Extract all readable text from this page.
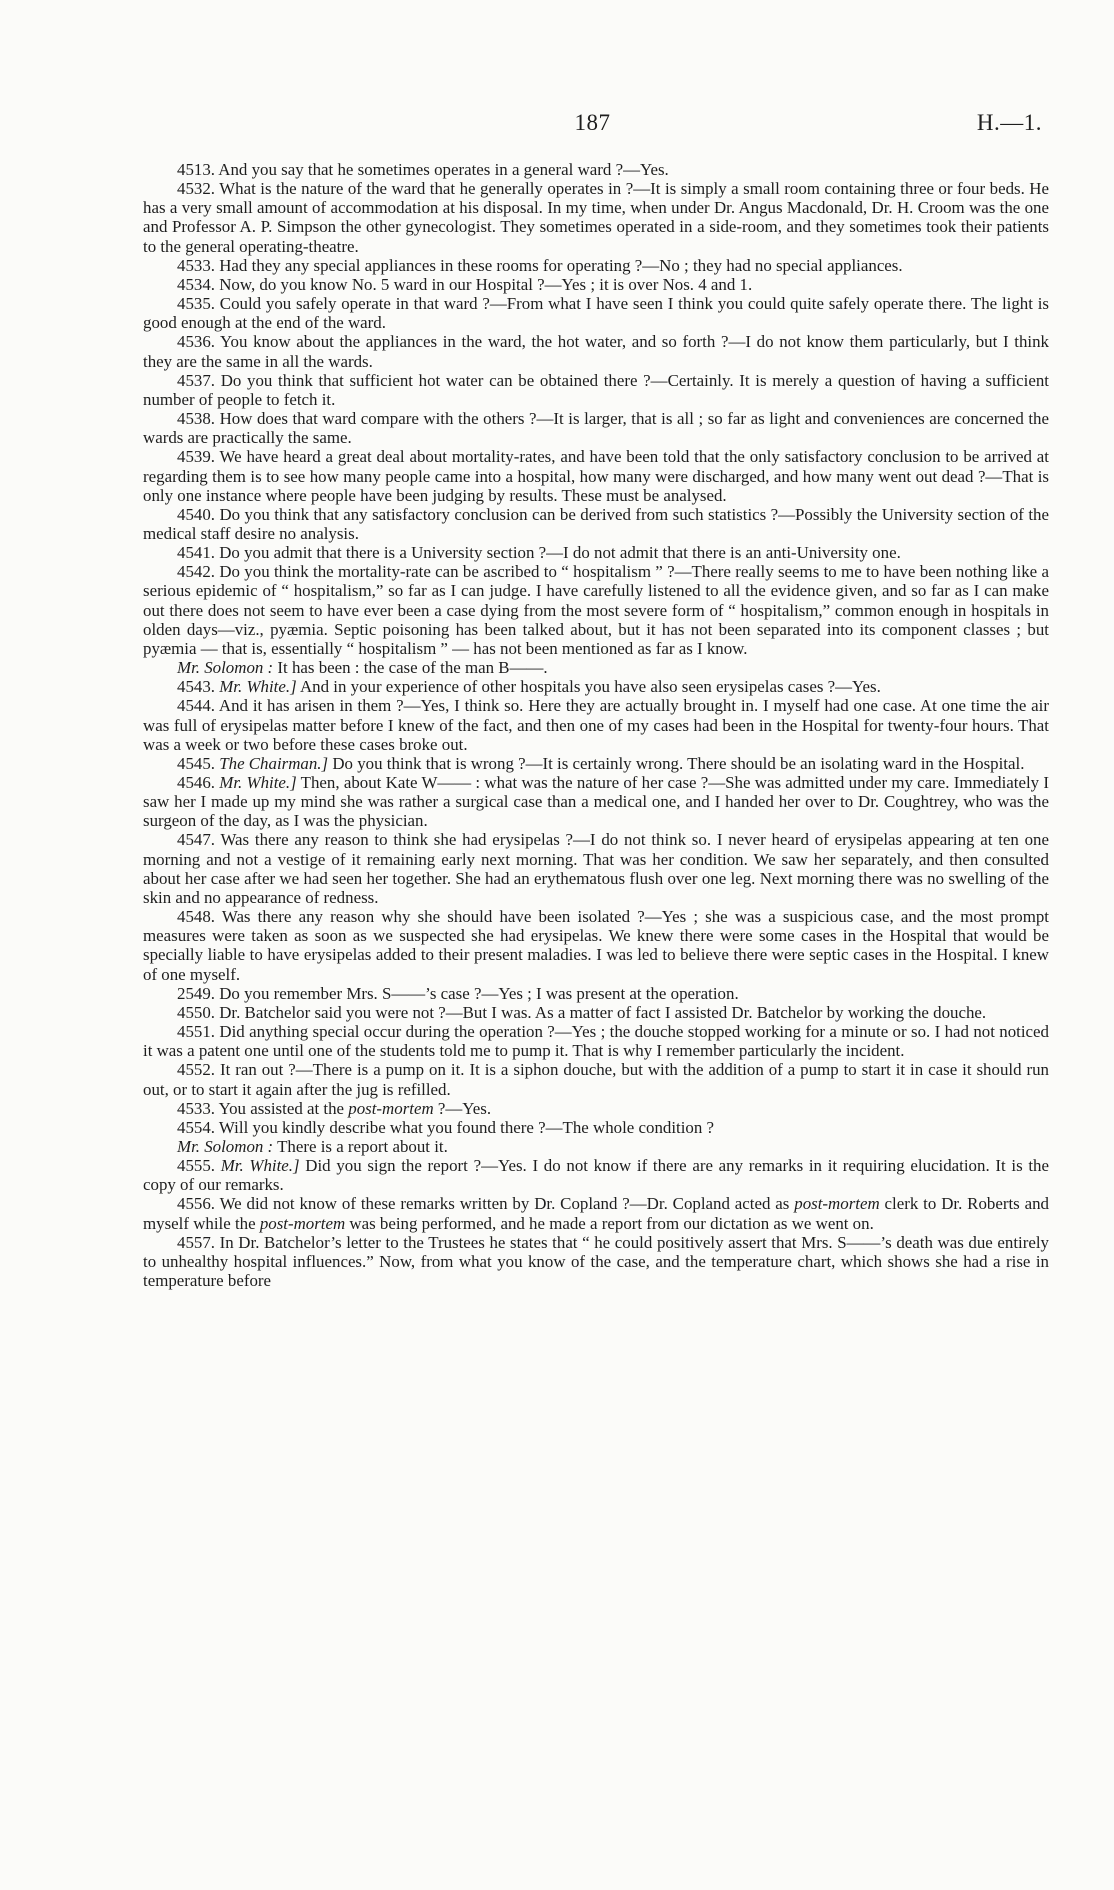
187	H.—1.

4513. And you say that he sometimes operates in a general ward ?—Yes.

4532. What is the nature of the ward that he generally operates in ?—It is simply a small room containing three or four beds. He has a very small amount of accommodation at his disposal. In my time, when under Dr. Angus Macdonald, Dr. H. Croom was the one and Professor A. P. Simpson the other gynecologist. They sometimes operated in a side-room, and they sometimes took their patients to the general operating-theatre.

4533. Had they any special appliances in these rooms for operating ?—No ; they had no special appliances.

4534. Now, do you know No. 5 ward in our Hospital ?—Yes ; it is over Nos. 4 and 1.

4535. Could you safely operate in that ward ?—From what I have seen I think you could quite safely operate there. The light is good enough at the end of the ward.

4536. You know about the appliances in the ward, the hot water, and so forth ?—I do not know them particularly, but I think they are the same in all the wards.

4537. Do you think that sufficient hot water can be obtained there ?—Certainly. It is merely a question of having a sufficient number of people to fetch it.

4538. How does that ward compare with the others ?—It is larger, that is all ; so far as light and conveniences are concerned the wards are practically the same.

4539. We have heard a great deal about mortality-rates, and have been told that the only satisfactory conclusion to be arrived at regarding them is to see how many people came into a hospital, how many were discharged, and how many went out dead ?—That is only one instance where people have been judging by results. These must be analysed.

4540. Do you think that any satisfactory conclusion can be derived from such statistics ?—Possibly the University section of the medical staff desire no analysis.

4541. Do you admit that there is a University section ?—I do not admit that there is an anti-University one.

4542. Do you think the mortality-rate can be ascribed to “ hospitalism ” ?—There really seems to me to have been nothing like a serious epidemic of “ hospitalism,” so far as I can judge. I have carefully listened to all the evidence given, and so far as I can make out there does not seem to have ever been a case dying from the most severe form of “ hospitalism,” common enough in hospitals in olden days—viz., pyæmia. Septic poisoning has been talked about, but it has not been separated into its component classes ; but pyæmia — that is, essentially “ hospitalism ” — has not been mentioned as far as I know.

Mr. Solomon : It has been : the case of the man B——.

4543. Mr. White.] And in your experience of other hospitals you have also seen erysipelas cases ?—Yes.

4544. And it has arisen in them ?—Yes, I think so. Here they are actually brought in. I myself had one case. At one time the air was full of erysipelas matter before I knew of the fact, and then one of my cases had been in the Hospital for twenty-four hours. That was a week or two before these cases broke out.

4545. The Chairman.] Do you think that is wrong ?—It is certainly wrong. There should be an isolating ward in the Hospital.

4546. Mr. White.] Then, about Kate W—— : what was the nature of her case ?—She was admitted under my care. Immediately I saw her I made up my mind she was rather a surgical case than a medical one, and I handed her over to Dr. Coughtrey, who was the surgeon of the day, as I was the physician.

4547. Was there any reason to think she had erysipelas ?—I do not think so. I never heard of erysipelas appearing at ten one morning and not a vestige of it remaining early next morning. That was her condition. We saw her separately, and then consulted about her case after we had seen her together. She had an erythematous flush over one leg. Next morning there was no swelling of the skin and no appearance of redness.

4548. Was there any reason why she should have been isolated ?—Yes ; she was a suspicious case, and the most prompt measures were taken as soon as we suspected she had erysipelas. We knew there were some cases in the Hospital that would be specially liable to have erysipelas added to their present maladies. I was led to believe there were septic cases in the Hospital. I knew of one myself.

2549. Do you remember Mrs. S——’s case ?—Yes ; I was present at the operation.

4550. Dr. Batchelor said you were not ?—But I was. As a matter of fact I assisted Dr. Batchelor by working the douche.

4551. Did anything special occur during the operation ?—Yes ; the douche stopped working for a minute or so. I had not noticed it was a patent one until one of the students told me to pump it. That is why I remember particularly the incident.

4552. It ran out ?—There is a pump on it. It is a siphon douche, but with the addition of a pump to start it in case it should run out, or to start it again after the jug is refilled.

4533. You assisted at the post-mortem ?—Yes.

4554. Will you kindly describe what you found there ?—The whole condition ?

Mr. Solomon : There is a report about it.

4555. Mr. White.] Did you sign the report ?—Yes. I do not know if there are any remarks in it requiring elucidation. It is the copy of our remarks.

4556. We did not know of these remarks written by Dr. Copland ?—Dr. Copland acted as post-mortem clerk to Dr. Roberts and myself while the post-mortem was being performed, and he made a report from our dictation as we went on.

4557. In Dr. Batchelor’s letter to the Trustees he states that “ he could positively assert that Mrs. S——’s death was due entirely to unhealthy hospital influences.” Now, from what you know of the case, and the temperature chart, which shows she had a rise in temperature before
